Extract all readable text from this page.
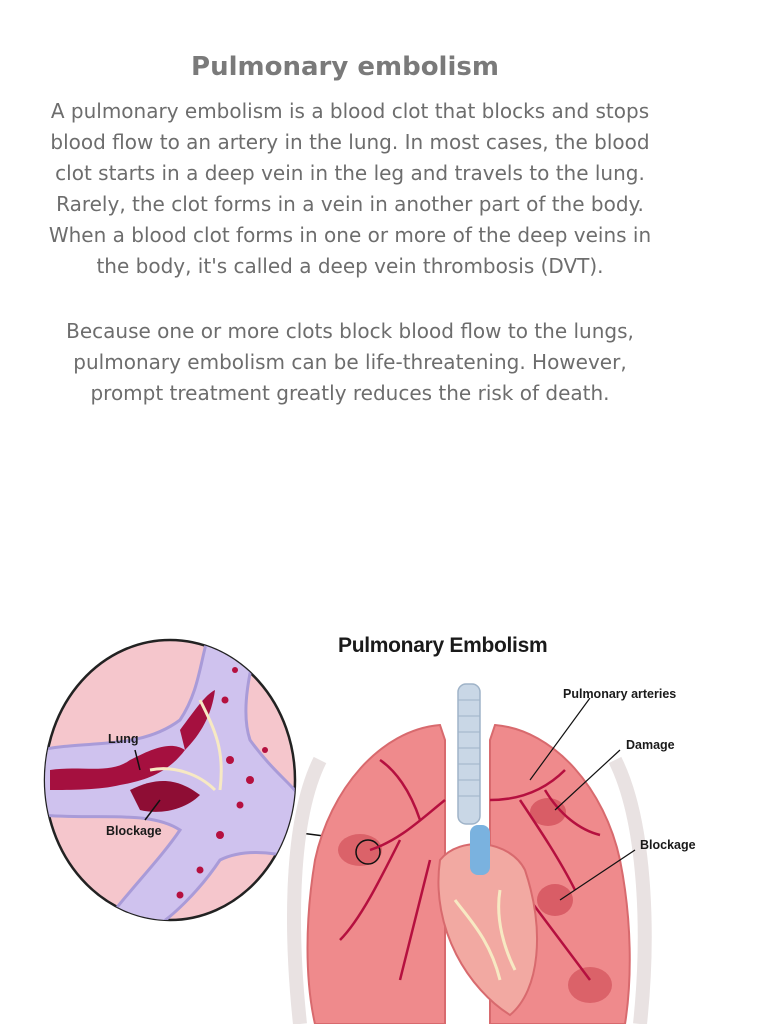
Pulmonary embolism
A pulmonary embolism is a blood clot that blocks and stops blood flow to an artery in the lung. In most cases, the blood clot starts in a deep vein in the leg and travels to the lung. Rarely, the clot forms in a vein in another part of the body. When a blood clot forms in one or more of the deep veins in the body, it's called a deep vein thrombosis (DVT).
Because one or more clots block blood flow to the lungs, pulmonary embolism can be life-threatening. However, prompt treatment greatly reduces the risk of death.
Pulmonary Embolism
Lung
Blockage
Pulmonary arteries
Damage
Blockage
